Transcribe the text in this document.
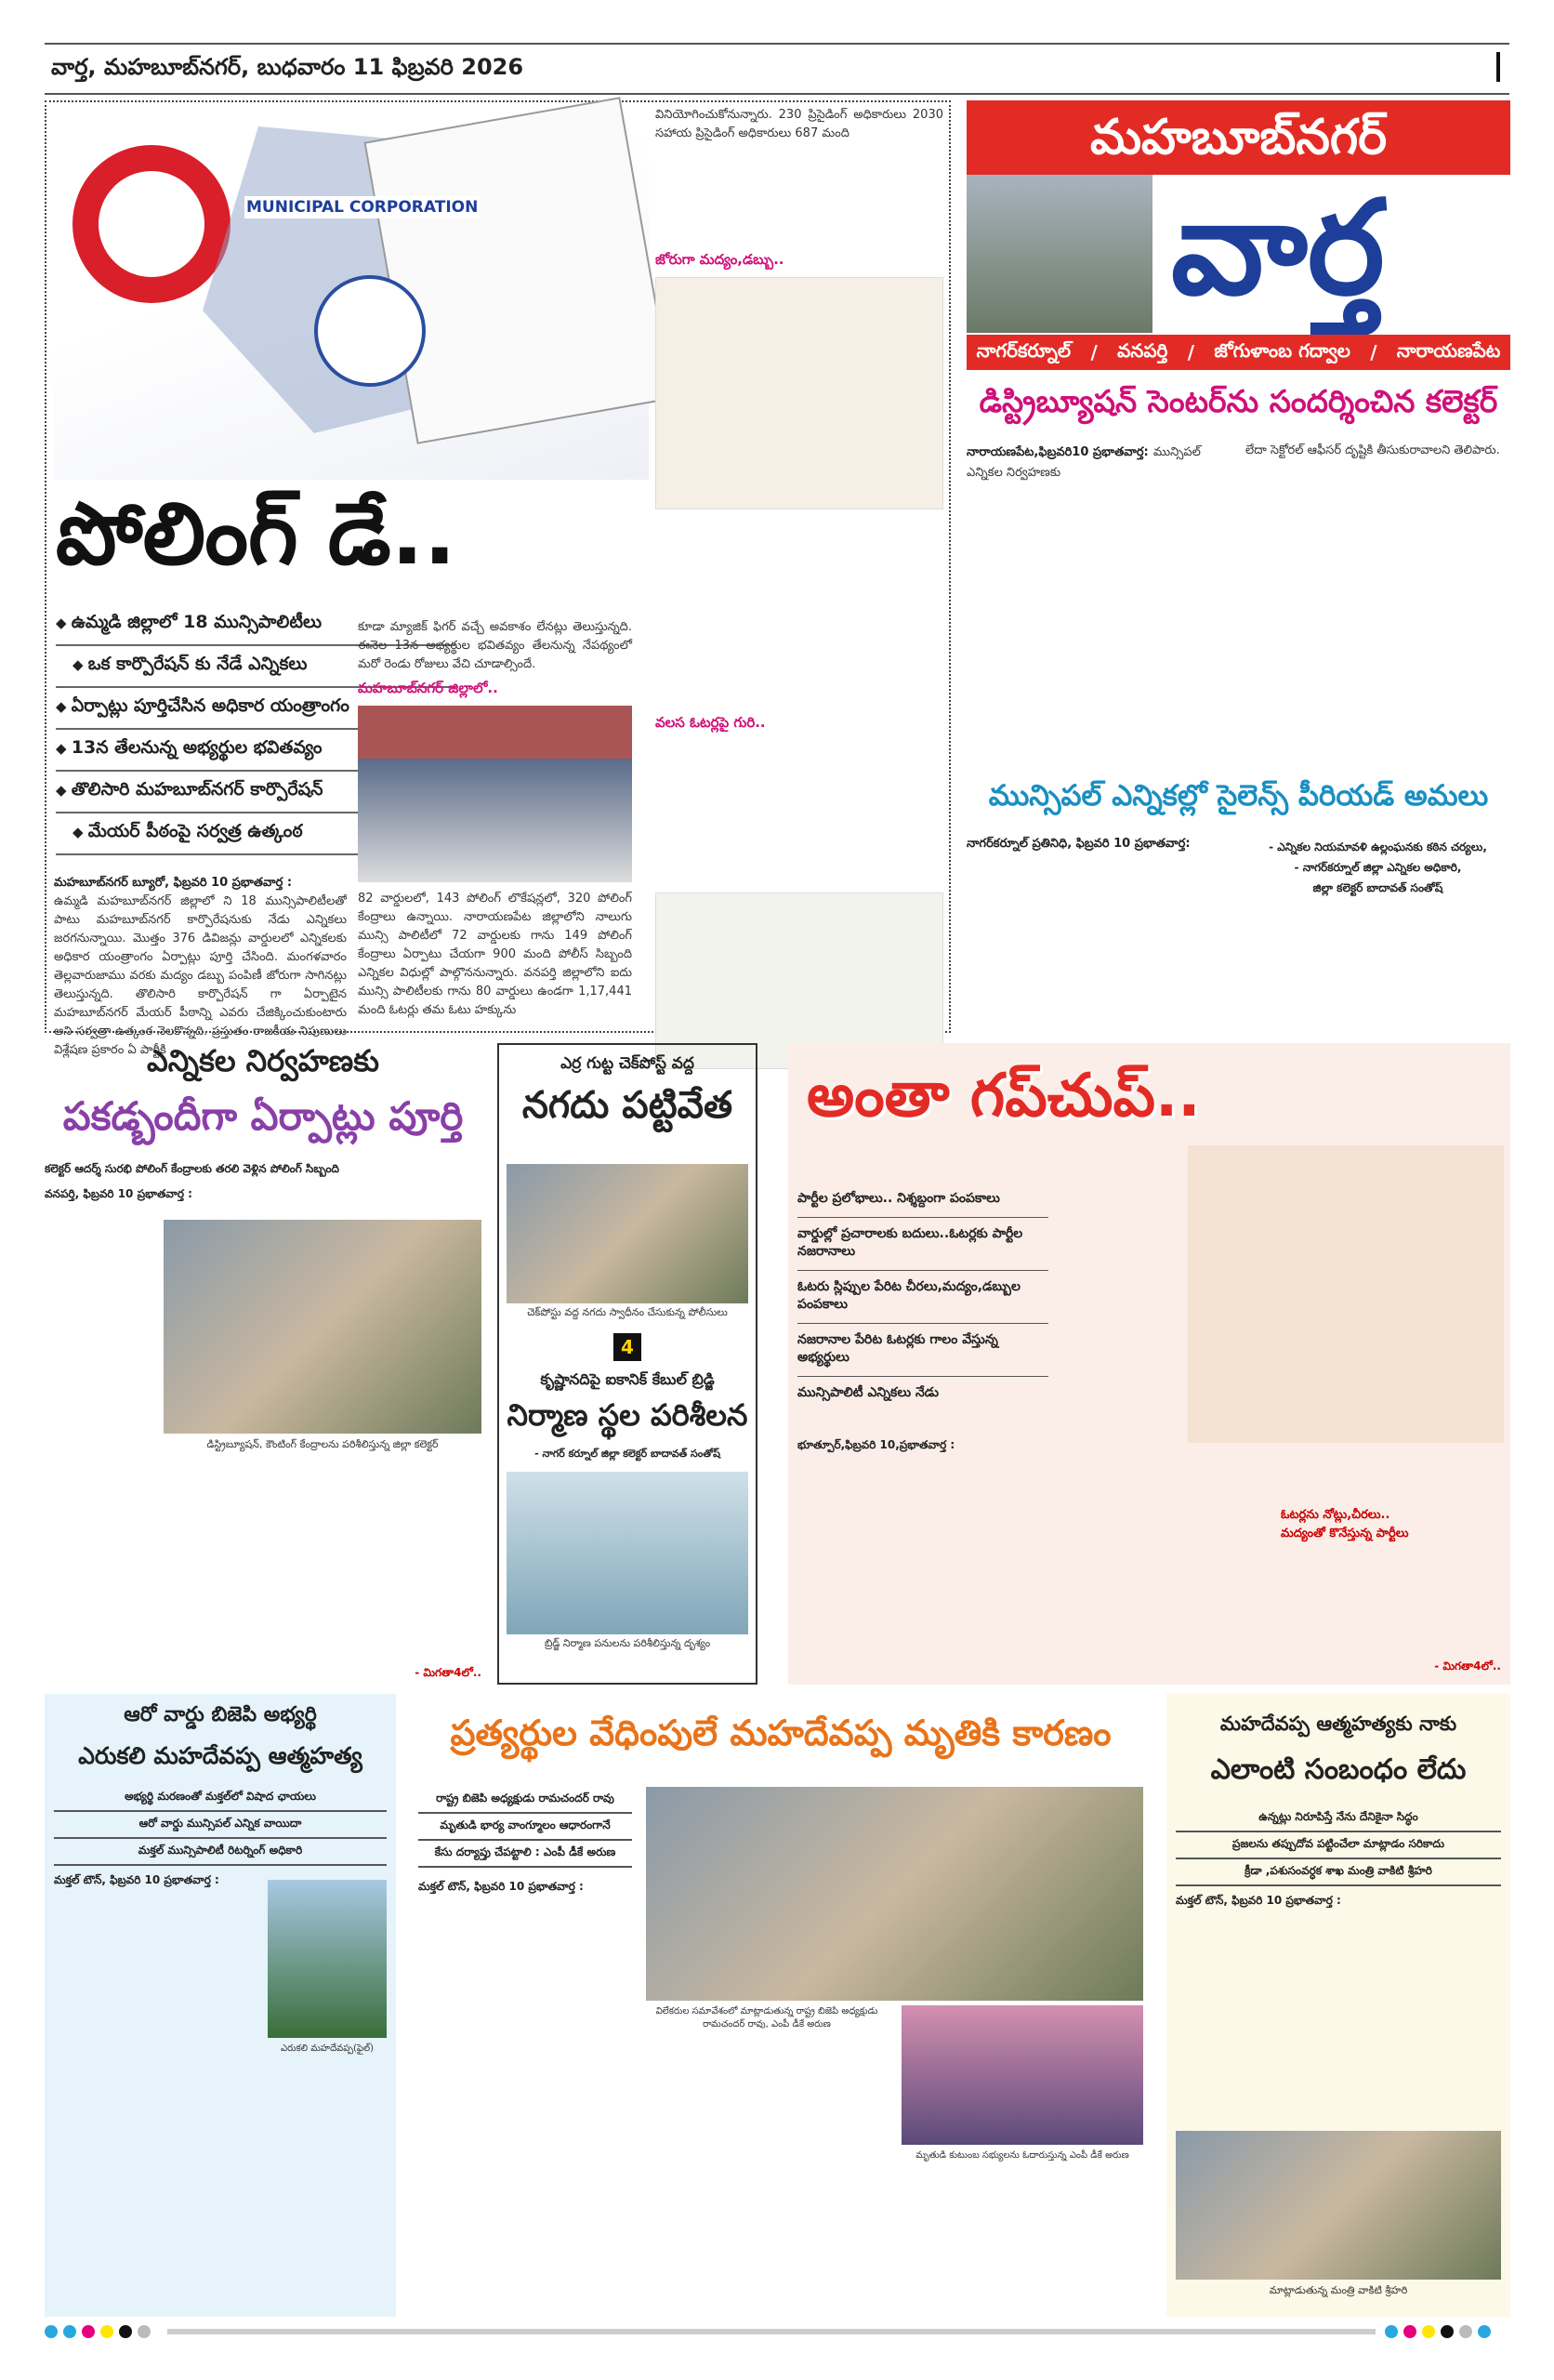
వార్త, మహబూబ్‌నగర్, బుధవారం 11 ఫిబ్రవరి 2026
MUNICIPAL CORPORATION
పోలింగ్ డే..
◆ ఉమ్మడి జిల్లాలో 18 మున్సిపాలిటీలు
◆ ఒక కార్పొరేషన్ కు నేడే ఎన్నికలు
◆ ఏర్పాట్లు పూర్తిచేసిన అధికార యంత్రాంగం
◆ 13న తేలనున్న అభ్యర్థుల భవితవ్యం
◆ తొలిసారి మహబూబ్‌నగర్ కార్పొరేషన్
◆ మేయర్ పీఠంపై సర్వత్ర ఉత్కంఠ
మహబూబ్‌నగర్ బ్యూరో, ఫిబ్రవరి 10 ప్రభాతవార్త :
ఉమ్మడి మహబూబ్‌నగర్ జిల్లాలో ని 18 మున్సిపాలిటీలతో పాటు మహబూబ్‌నగర్ కార్పొరేషనుకు నేడు ఎన్నికలు జరగనున్నాయి. మొత్తం 376 డివిజన్లు వార్డులలో ఎన్నికలకు అధికార యంత్రాంగం ఏర్పాట్లు పూర్తి చేసింది. మంగళవారం తెల్లవారుజాము వరకు మద్యం డబ్బు పంపిణీ జోరుగా సాగినట్లు తెలుస్తున్నది. తొలిసారి కార్పొరేషన్ గా ఏర్పాటైన మహబూబ్‌నగర్ మేయర్ పీఠాన్ని ఎవరు చేజిక్కించుకుంటారు అని సర్వత్రా ఉత్కంఠ నెలకొన్నది. ప్రస్తుతం రాజకీయ నిపుణులు విశ్లేషణ ప్రకారం ఏ పార్టీకి
కూడా మ్యాజిక్ ఫిగర్ వచ్చే అవకాశం లేనట్లు తెలుస్తున్నది. ఈనెల 13న అభ్యర్థుల భవితవ్యం తేలనున్న నేపథ్యంలో మరో రెండు రోజులు వేచి చూడాల్సిందే.
మహబూబ్‌నగర్ జిల్లాలో..
82 వార్డులలో, 143 పోలింగ్ లొకేషన్లలో, 320 పోలింగ్ కేంద్రాలు ఉన్నాయి. నారాయణపేట జిల్లాలోని నాలుగు మున్సి పాలిటీలో 72 వార్డులకు గాను 149 పోలింగ్ కేంద్రాలు ఏర్పాటు చేయగా 900 మంది పోలీస్ సిబ్బంది ఎన్నికల విధుల్లో పాల్గొననున్నారు. వనపర్తి జిల్లాలోని ఐదు మున్సి పాలిటీలకు గాను 80 వార్డులు ఉండగా 1,17,441 మంది ఓటర్లు తమ ఓటు హక్కును
వినియోగించుకోనున్నారు. 230 ప్రిసైడింగ్ అధికారులు 2030 సహాయ ప్రిసైడింగ్ అధికారులు 687 మంది
జోరుగా మద్యం,డబ్బు..
వలస ఓటర్లపై గురి..
మహబూబ్‌నగర్
వార్త
నాగర్‌కర్నూల్ / వనపర్తి / జోగుళాంబ గద్వాల / నారాయణపేట
డిస్ట్రిబ్యూషన్ సెంటర్‌ను సందర్శించిన కలెక్టర్
నారాయణపేట,ఫిబ్రవరి10 ప్రభాతవార్త: మున్సిపల్ ఎన్నికల నిర్వహణకు
లేదా సెక్టోరల్ ఆఫీసర్ దృష్టికి తీసుకురావాలని తెలిపారు.
మున్సిపల్ ఎన్నికల్లో సైలెన్స్ పీరియడ్ అమలు
నాగర్‌కర్నూల్ ప్రతినిధి, ఫిబ్రవరి 10 ప్రభాతవార్త:	- ఎన్నికల నియమావళి ఉల్లంఘనకు కఠిన చర్యలు,
- నాగర్‌కర్నూల్ జిల్లా ఎన్నికల అధికారి,
జిల్లా కలెక్టర్ బాదావత్ సంతోష్
ఎన్నికల నిర్వహణకు
పకడ్బందీగా ఏర్పాట్లు పూర్తి
కలెక్టర్ ఆదర్శ్ సురభి పోలింగ్ కేంద్రాలకు తరలి వెళ్లిన పోలింగ్ సిబ్బంది
వనపర్తి, ఫిబ్రవరి 10 ప్రభాతవార్త :
డిస్ట్రిబ్యూషన్, కౌంటింగ్ కేంద్రాలను పరిశీలిస్తున్న జిల్లా కలెక్టర్
- మిగతా4లో..
ఎర్ర గుట్ట చెక్‌పోస్ట్ వద్ద
నగదు పట్టివేత
చెక్‌పోస్టు వద్ద నగదు స్వాధీనం చేసుకున్న పోలీసులు
4
కృష్ణానదిపై ఐకానిక్ కేబుల్ బ్రిడ్జి
నిర్మాణ స్థల పరిశీలన
- నాగర్ కర్నూల్ జిల్లా కలెక్టర్ బాదావత్ సంతోష్
బ్రిడ్జ్ నిర్మాణ పనులను పరిశీలిస్తున్న దృశ్యం
అంతా గప్‌చుప్..
పార్టీల ప్రలోభాలు.. నిశ్శబ్దంగా పంపకాలు
వార్డుల్లో ప్రచారాలకు బదులు..ఓటర్లకు పార్టీల నజరానాలు
ఓటరు స్లిప్పుల పేరిట చీరలు,మద్యం,డబ్బుల పంపకాలు
నజరానాల పేరిట ఓటర్లకు గాలం వేస్తున్న అభ్యర్థులు
మున్సిపాలిటీ ఎన్నికలు నేడు
భూత్పూర్,ఫిబ్రవరి 10,ప్రభాతవార్త :
ఓటర్లను నోట్లు,చీరలు..
మద్యంతో కొనేస్తున్న పార్టీలు
- మిగతా4లో..
ఆరో వార్డు బిజెపి అభ్యర్థి
ఎరుకలి మహదేవప్ప ఆత్మహత్య
అభ్యర్థి మరణంతో మక్తల్‌లో విషాద ఛాయలు
ఆరో వార్డు మున్సిపల్ ఎన్నిక వాయిదా
మక్తల్ మున్సిపాలిటీ రిటర్నింగ్ అధికారి
మక్తల్ టౌన్, ఫిబ్రవరి 10 ప్రభాతవార్త :
ఎరుకలి మహదేవప్ప(ఫైల్)
ప్రత్యర్థుల వేధింపులే మహదేవప్ప మృతికి కారణం
రాష్ట్ర బిజెపి అధ్యక్షుడు రామచందర్ రావు
మృతుడి భార్య వాంగ్మూలం ఆధారంగానే
కేసు దర్యాప్తు చేపట్టాలి : ఎంపీ డీకే అరుణ
మక్తల్ టౌన్, ఫిబ్రవరి 10 ప్రభాతవార్త :
విలేకరుల సమావేశంలో మాట్లాడుతున్న రాష్ట్ర బిజెపి అధ్యక్షుడు రామచందర్ రావు, ఎంపీ డీకే అరుణ
మృతుడి కుటుంబ సభ్యులను ఓదారుస్తున్న ఎంపీ డీకే అరుణ
మహదేవప్ప ఆత్మహత్యకు నాకు
ఎలాంటి సంబంధం లేదు
ఉన్నట్లు నిరూపిస్తే నేను దేనికైనా సిద్ధం
ప్రజలను తప్పుదోవ పట్టించేలా మాట్లాడం సరికాదు
క్రీడా ,పశుసంవర్ధక శాఖ మంత్రి వాకిటి శ్రీహరి
మక్తల్ టౌన్, ఫిబ్రవరి 10 ప్రభాతవార్త :
మాట్లాడుతున్న మంత్రి వాకిటి శ్రీహరి
